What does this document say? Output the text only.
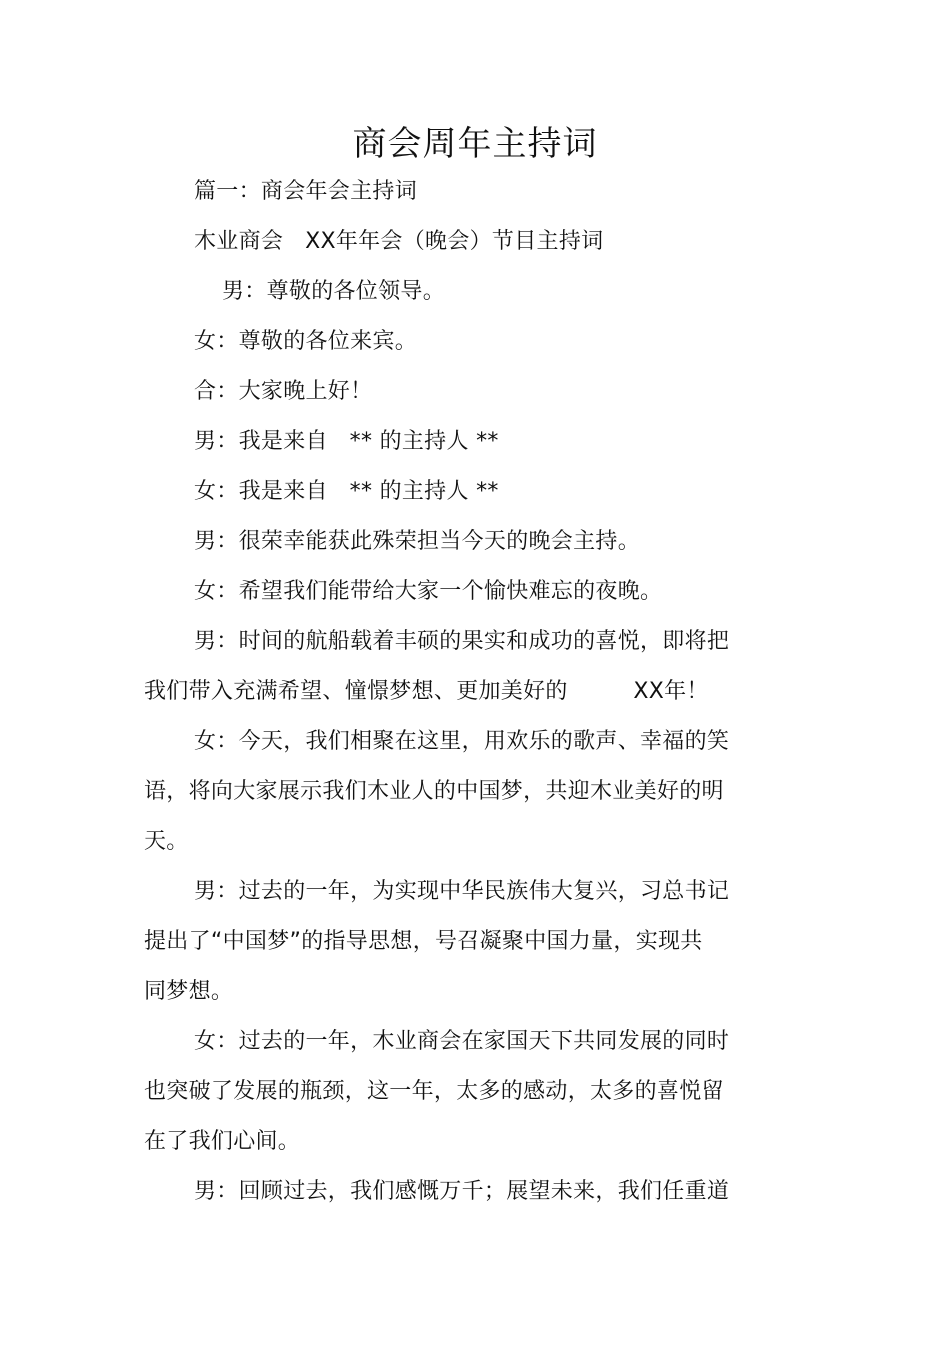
商会周年主持词
篇一：商会年会主持词
木业商会   XX年年会（晚会）节目主持词
男：尊敬的各位领导。
女：尊敬的各位来宾。
合：大家晚上好！
男：我是来自   ** 的主持人 **
女：我是来自   ** 的主持人 **
男：很荣幸能获此殊荣担当今天的晚会主持。
女：希望我们能带给大家一个愉快难忘的夜晚。
男：时间的航船载着丰硕的果实和成功的喜悦，即将把
我们带入充满希望、憧憬梦想、更加美好的         XX年！
女：今天，我们相聚在这里，用欢乐的歌声、幸福的笑
语，将向大家展示我们木业人的中国梦，共迎木业美好的明
天。
男：过去的一年，为实现中华民族伟大复兴，习总书记
提出了“中国梦”的指导思想，号召凝聚中国力量，实现共
同梦想。
女：过去的一年，木业商会在家国天下共同发展的同时
也突破了发展的瓶颈，这一年，太多的感动，太多的喜悦留
在了我们心间。
男：回顾过去，我们感慨万千；展望未来，我们任重道
